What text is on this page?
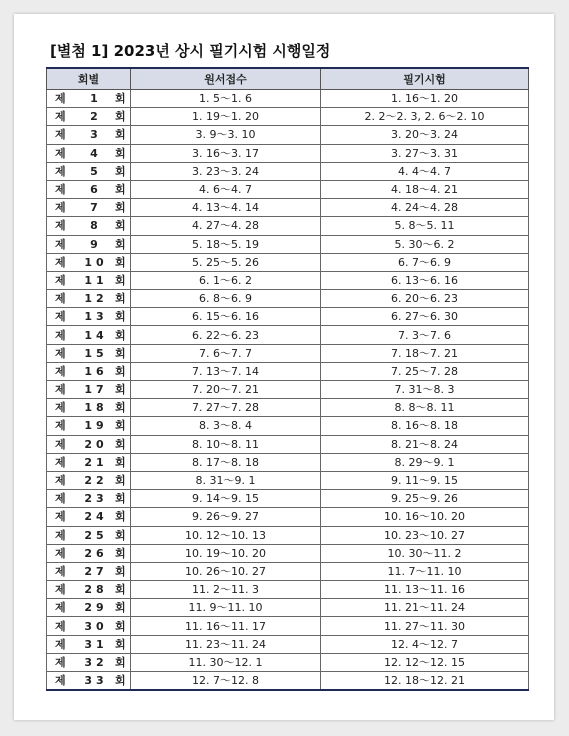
[별첨 1] 2023년 상시 필기시험 시행일정
회별	원서접수	필기시험
제 1 회	1. 5～1. 6	1. 16～1. 20
제 2 회	1. 19～1. 20	2. 2～2. 3, 2. 6～2. 10
제 3 회	3. 9～3. 10	3. 20～3. 24
제 4 회	3. 16～3. 17	3. 27～3. 31
제 5 회	3. 23～3. 24	4. 4～4. 7
제 6 회	4. 6～4. 7	4. 18～4. 21
제 7 회	4. 13～4. 14	4. 24～4. 28
제 8 회	4. 27～4. 28	5. 8～5. 11
제 9 회	5. 18～5. 19	5. 30～6. 2
제 10 회	5. 25～5. 26	6. 7～6. 9
제 11 회	6. 1～6. 2	6. 13～6. 16
제 12 회	6. 8～6. 9	6. 20～6. 23
제 13 회	6. 15～6. 16	6. 27～6. 30
제 14 회	6. 22～6. 23	7. 3～7. 6
제 15 회	7. 6～7. 7	7. 18～7. 21
제 16 회	7. 13～7. 14	7. 25～7. 28
제 17 회	7. 20～7. 21	7. 31～8. 3
제 18 회	7. 27～7. 28	8. 8～8. 11
제 19 회	8. 3～8. 4	8. 16～8. 18
제 20 회	8. 10～8. 11	8. 21～8. 24
제 21 회	8. 17～8. 18	8. 29～9. 1
제 22 회	8. 31～9. 1	9. 11～9. 15
제 23 회	9. 14～9. 15	9. 25～9. 26
제 24 회	9. 26～9. 27	10. 16～10. 20
제 25 회	10. 12～10. 13	10. 23～10. 27
제 26 회	10. 19～10. 20	10. 30～11. 2
제 27 회	10. 26～10. 27	11. 7～11. 10
제 28 회	11. 2～11. 3	11. 13～11. 16
제 29 회	11. 9～11. 10	11. 21～11. 24
제 30 회	11. 16～11. 17	11. 27～11. 30
제 31 회	11. 23～11. 24	12. 4～12. 7
제 32 회	11. 30～12. 1	12. 12～12. 15
제 33 회	12. 7～12. 8	12. 18～12. 21
